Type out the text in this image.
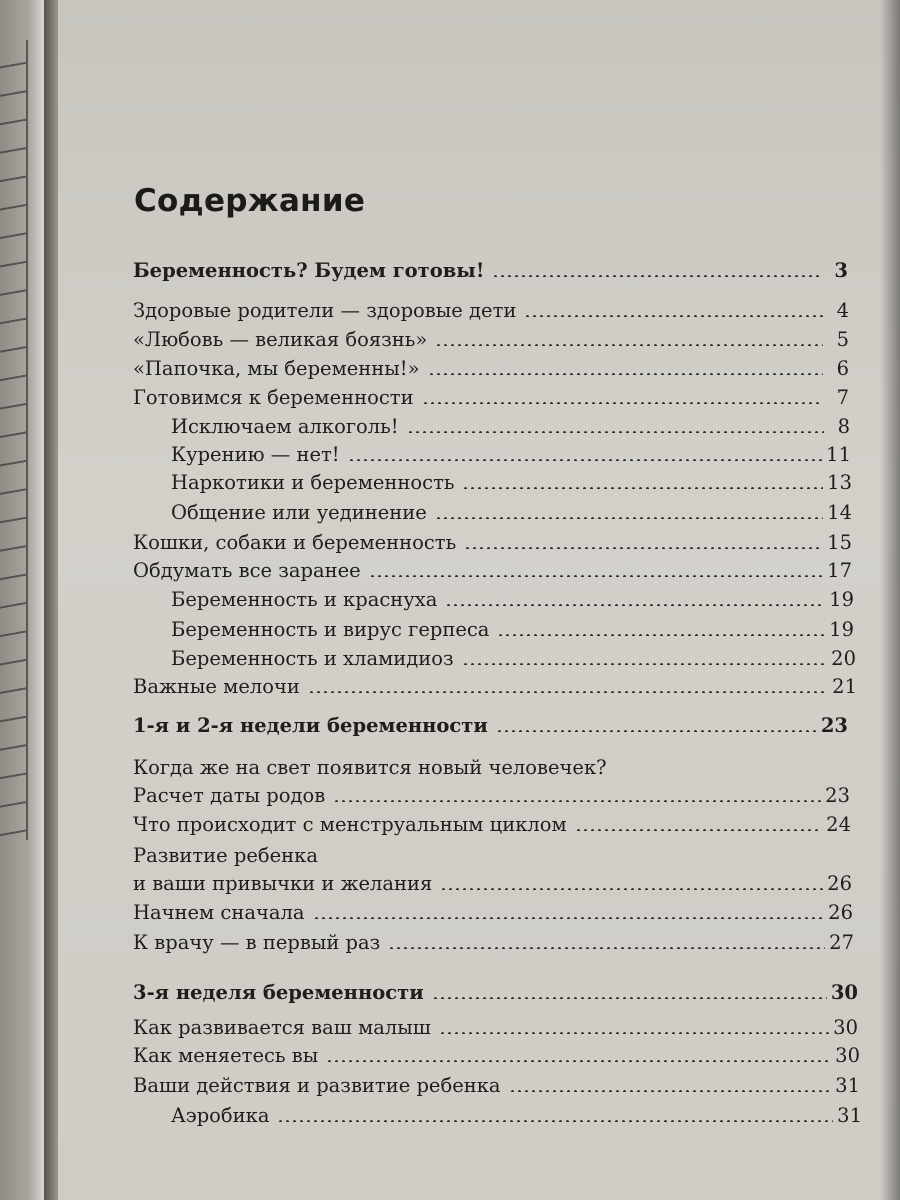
Содержание
Беременность? Будем готовы!	3
Здоровые родители — здоровые дети	4
«Любовь — великая боязнь»	5
«Папочка, мы беременны!»	6
Готовимся к беременности	7
Исключаем алкоголь!	8
Курению — нет!	11
Наркотики и беременность	13
Общение или уединение	14
Кошки, собаки и беременность	15
Обдумать все заранее	17
Беременность и краснуха	19
Беременность и вирус герпеса	19
Беременность и хламидиоз	20
Важные мелочи	21
1-я и 2-я недели беременности	23
Когда же на свет появится новый человечек?
Расчет даты родов	23
Что происходит с менструальным циклом	24
Развитие ребенка
и ваши привычки и желания	26
Начнем сначала	26
К врачу — в первый раз	27
3-я неделя беременности	30
Как развивается ваш малыш	30
Как меняетесь вы	30
Ваши действия и развитие ребенка	31
Аэробика	31
